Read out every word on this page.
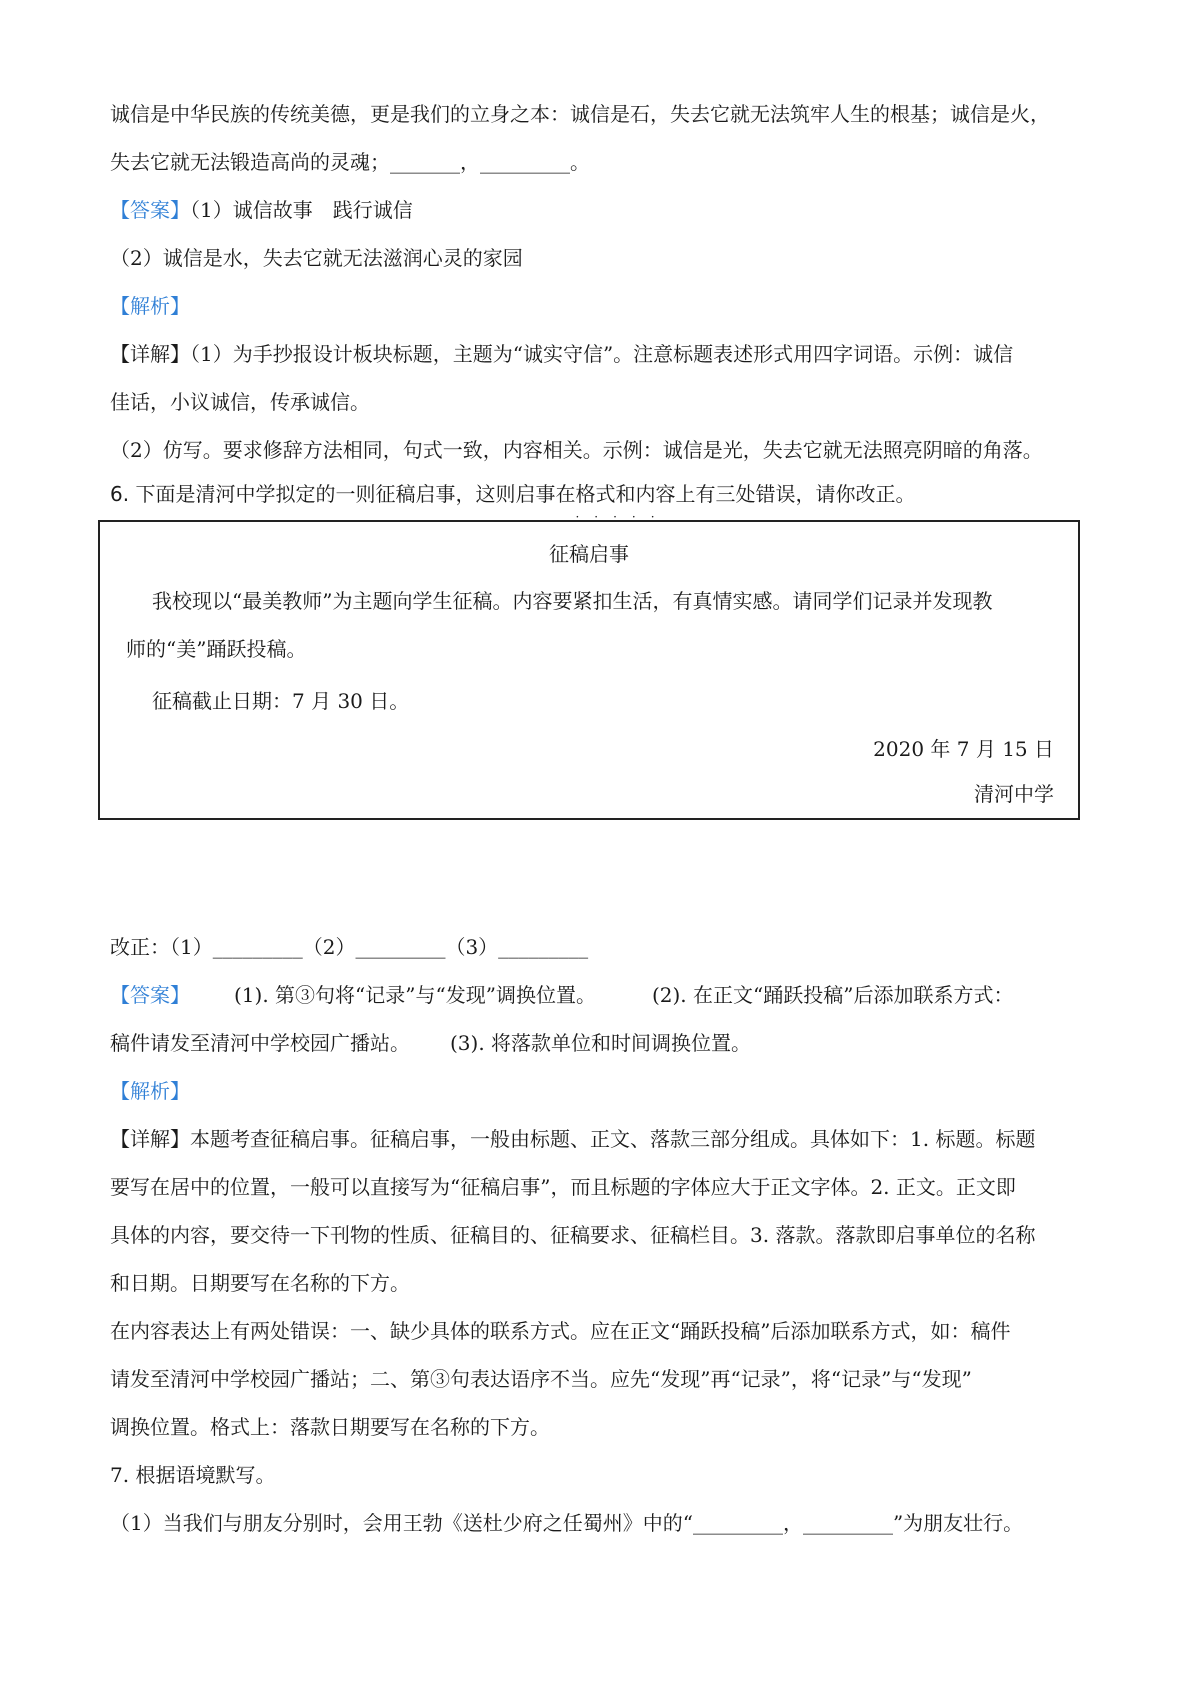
诚信是中华民族的传统美德，更是我们的立身之本：诚信是石，失去它就无法筑牢人生的根基；诚信是火，
失去它就无法锻造高尚的灵魂；_______，_________。
【答案】（1）诚信故事　践行诚信
（2）诚信是水，失去它就无法滋润心灵的家园
【解析】
【详解】（1）为手抄报设计板块标题，主题为“诚实守信”。注意标题表述形式用四字词语。示例：诚信
佳话，小议诚信，传承诚信。
（2）仿写。要求修辞方法相同，句式一致，内容相关。示例：诚信是光，失去它就无法照亮阴暗的角落。
6. 下面是清河中学拟定的一则征稿启事，这则启事在格式和内容
·····
上有三处错误，请你改正。
征稿启事
我校现以“最美教师”为主题向学生征稿。内容要紧扣生活，有真情实感。请同学们记录并发现教
师的“美”踊跃投稿。
征稿截止日期：7 月 30 日。
2020 年 7 月 15 日
清河中学
改正：（1）_________（2）_________（3）_________
【答案】 (1). 第③句将“记录”与“发现”调换位置。	(2). 在正文“踊跃投稿”后添加联系方式：
稿件请发至清河中学校园广播站。 (3). 将落款单位和时间调换位置。
【解析】
【详解】本题考查征稿启事。征稿启事，一般由标题、正文、落款三部分组成。具体如下：1. 标题。标题
要写在居中的位置，一般可以直接写为“征稿启事”，而且标题的字体应大于正文字体。2. 正文。正文即
具体的内容，要交待一下刊物的性质、征稿目的、征稿要求、征稿栏目。3. 落款。落款即启事单位的名称
和日期。日期要写在名称的下方。
在内容表达上有两处错误：一、缺少具体的联系方式。应在正文“踊跃投稿”后添加联系方式，如：稿件
请发至清河中学校园广播站；二、第③句表达语序不当。应先“发现”再“记录”，将“记录”与“发现”
调换位置。格式上：落款日期要写在名称的下方。
7. 根据语境默写。
（1）当我们与朋友分别时，会用王勃《送杜少府之任蜀州》中的“_________，_________”为朋友壮行。
